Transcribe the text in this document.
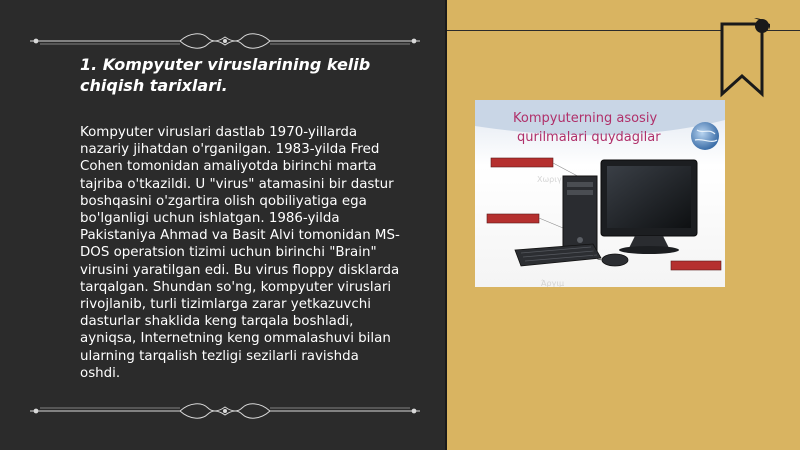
1. Kompyuter viruslarining kelib chiqish tarixlari.

Kompyuter viruslari dastlab 1970-yillarda nazariy jihatdan o'rganilgan. 1983-yilda Fred Cohen tomonidan amaliyotda birinchi marta tajriba o'tkazildi. U "virus" atamasini bir dastur boshqasini o'zgartira olish qobiliyatiga ega bo'lganligi uchun ishlatgan. 1986-yilda Pakistaniya Ahmad va Basit Alvi tomonidan MS-DOS operatsion tizimi uchun birinchi "Brain" virusini yaratilgan edi. Bu virus floppy disklarda tarqalgan. Shundan so'ng, kompyuter viruslari rivojlanib, turli tizimlarga zarar yetkazuvchi dasturlar shaklida keng tarqala boshladi, ayniqsa, Internetning keng ommalashuvi bilan ularning tarqalish tezligi sezilarli ravishda oshdi.

Kompyuterning asosiy
qurilmalari quydagilar
Χωριγ
Άργιμ
